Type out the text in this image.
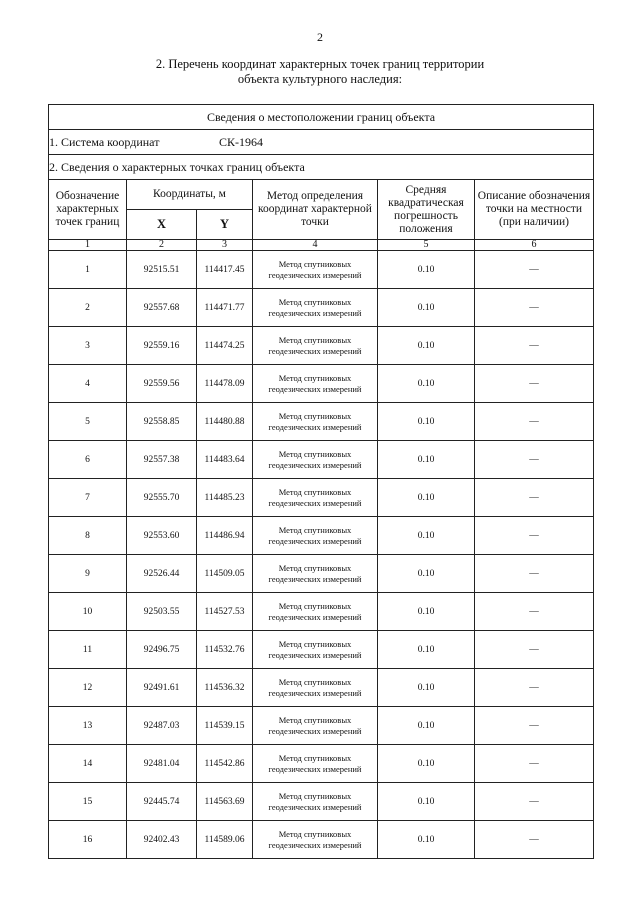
2
2. Перечень координат характерных точек границ территории
объекта культурного наследия:
Сведения о местоположении границ объекта					
1. Система координат СК-1964					
2. Сведения о характерных точках границ объекта					
Обозначение характерных точек границ	Координаты, м		Метод определения координат характерной точки	Средняя квадратическая погрешность положения	Описание обозначения точки на местности (при наличии)
	X	Y			
1	2	3	4	5	6
1	92515.51	114417.45	Метод спутниковых геодезических измерений	0.10	—
2	92557.68	114471.77	Метод спутниковых геодезических измерений	0.10	—
3	92559.16	114474.25	Метод спутниковых геодезических измерений	0.10	—
4	92559.56	114478.09	Метод спутниковых геодезических измерений	0.10	—
5	92558.85	114480.88	Метод спутниковых геодезических измерений	0.10	—
6	92557.38	114483.64	Метод спутниковых геодезических измерений	0.10	—
7	92555.70	114485.23	Метод спутниковых геодезических измерений	0.10	—
8	92553.60	114486.94	Метод спутниковых геодезических измерений	0.10	—
9	92526.44	114509.05	Метод спутниковых геодезических измерений	0.10	—
10	92503.55	114527.53	Метод спутниковых геодезических измерений	0.10	—
11	92496.75	114532.76	Метод спутниковых геодезических измерений	0.10	—
12	92491.61	114536.32	Метод спутниковых геодезических измерений	0.10	—
13	92487.03	114539.15	Метод спутниковых геодезических измерений	0.10	—
14	92481.04	114542.86	Метод спутниковых геодезических измерений	0.10	—
15	92445.74	114563.69	Метод спутниковых геодезических измерений	0.10	—
16	92402.43	114589.06	Метод спутниковых геодезических измерений	0.10	—
